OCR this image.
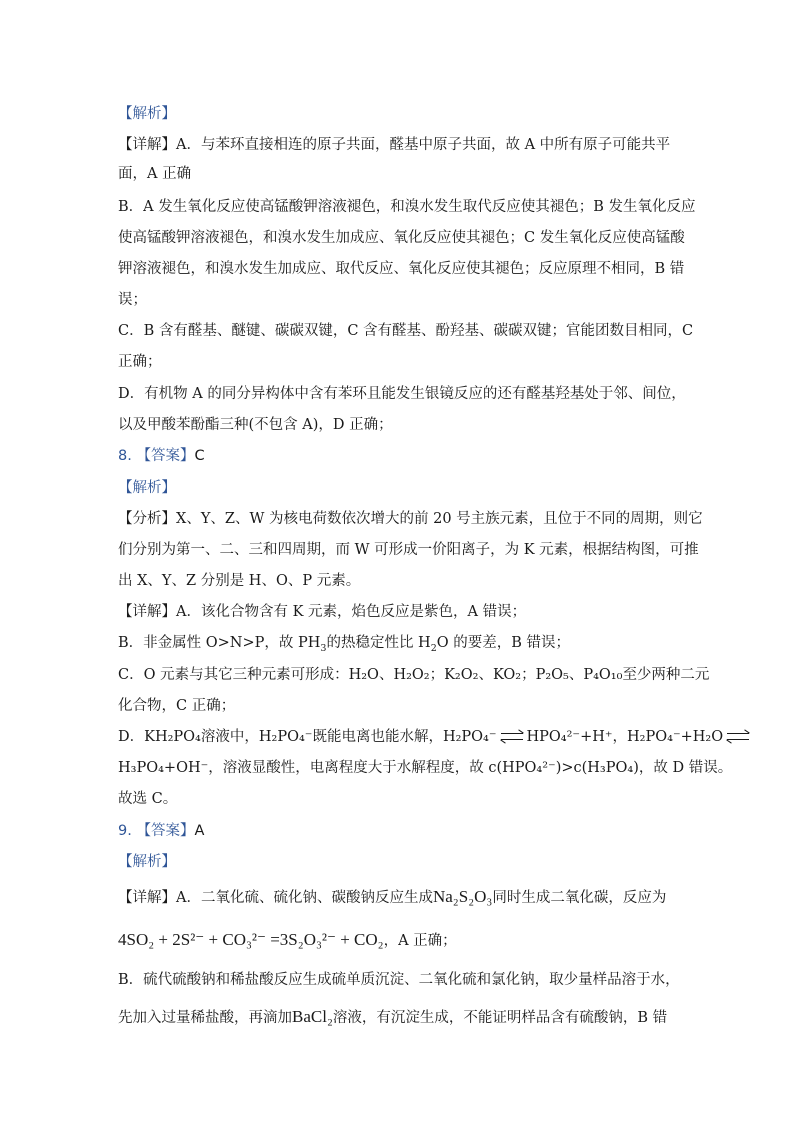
【解析】
【详解】A．与苯环直接相连的原子共面，醛基中原子共面，故 A 中所有原子可能共平
面，A 正确
B．A 发生氧化反应使高锰酸钾溶液褪色，和溴水发生取代反应使其褪色；B 发生氧化反应
使高锰酸钾溶液褪色，和溴水发生加成应、氧化反应使其褪色；C 发生氧化反应使高锰酸
钾溶液褪色，和溴水发生加成应、取代反应、氧化反应使其褪色；反应原理不相同，B 错
误；
C．B 含有醛基、醚键、碳碳双键，C 含有醛基、酚羟基、碳碳双键；官能团数目相同，C
正确；
D．有机物 A 的同分异构体中含有苯环且能发生银镜反应的还有醛基羟基处于邻、间位，
以及甲酸苯酚酯三种(不包含 A)，D 正确；
8. 【答案】C
【解析】
【分析】X、Y、Z、W 为核电荷数依次增大的前 20 号主族元素，且位于不同的周期，则它
们分别为第一、二、三和四周期，而 W 可形成一价阳离子，为 K 元素，根据结构图，可推
出 X、Y、Z 分别是 H、O、P 元素。
【详解】A．该化合物含有 K 元素，焰色反应是紫色，A 错误；
B．非金属性 O>N>P，故 $PH_3$的热稳定性比 $H_2O$ 的要差，B 错误；
C．O 元素与其它三种元素可形成：H₂O、H₂O₂；K₂O₂、KO₂；P₂O₅、P₄O₁₀至少两种二元
化合物，C 正确；
D．KH₂PO₄溶液中，H₂PO₄⁻既能电离也能水解，H₂PO₄⁻ HPO₄²⁻+H⁺，H₂PO₄⁻+H₂O
H₃PO₄+OH⁻，溶液显酸性，电离程度大于水解程度，故 c(HPO₄²⁻)>c(H₃PO₄)，故 D 错误。
故选 C。
9. 【答案】A
【解析】
【详解】A．二氧化硫、硫化钠、碳酸钠反应生成Na₂S₂O₃同时生成二氧化碳，反应为
4SO₂ + 2S²⁻ + CO₃²⁻ =3S₂O₃²⁻ + CO₂，A 正确；
B．硫代硫酸钠和稀盐酸反应生成硫单质沉淀、二氧化硫和氯化钠，取少量样品溶于水，
先加入过量稀盐酸，再滴加BaCl₂溶液，有沉淀生成，不能证明样品含有硫酸钠，B 错
